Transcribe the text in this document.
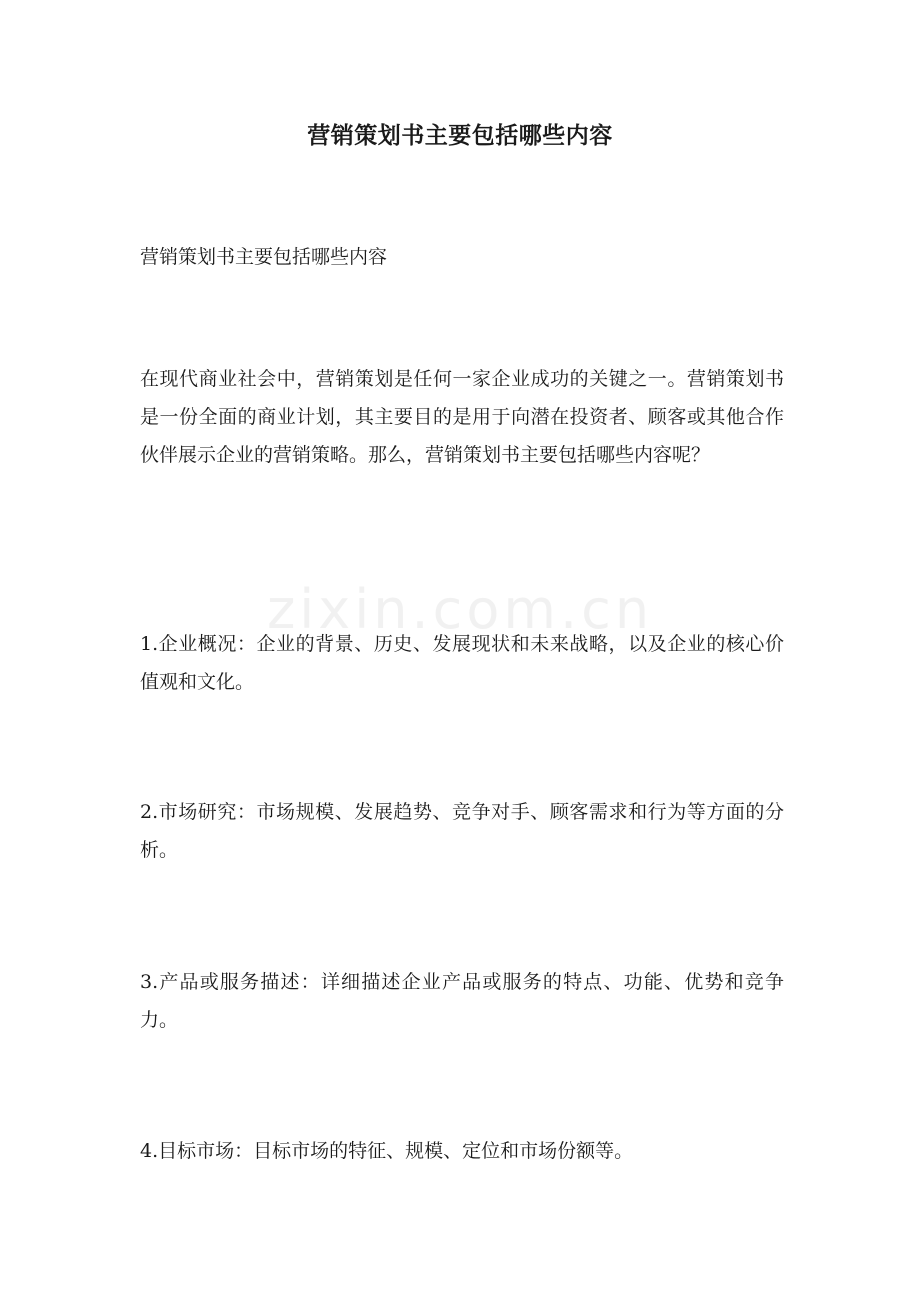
zixin.com.cn
营销策划书主要包括哪些内容

营销策划书主要包括哪些内容

在现代商业社会中，营销策划是任何一家企业成功的关键之一。营销策划书是一份全面的商业计划，其主要目的是用于向潜在投资者、顾客或其他合作伙伴展示企业的营销策略。那么，营销策划书主要包括哪些内容呢？

1.企业概况：企业的背景、历史、发展现状和未来战略，以及企业的核心价值观和文化。

2.市场研究：市场规模、发展趋势、竞争对手、顾客需求和行为等方面的分析。

3.产品或服务描述：详细描述企业产品或服务的特点、功能、优势和竞争力。

4.目标市场：目标市场的特征、规模、定位和市场份额等。
